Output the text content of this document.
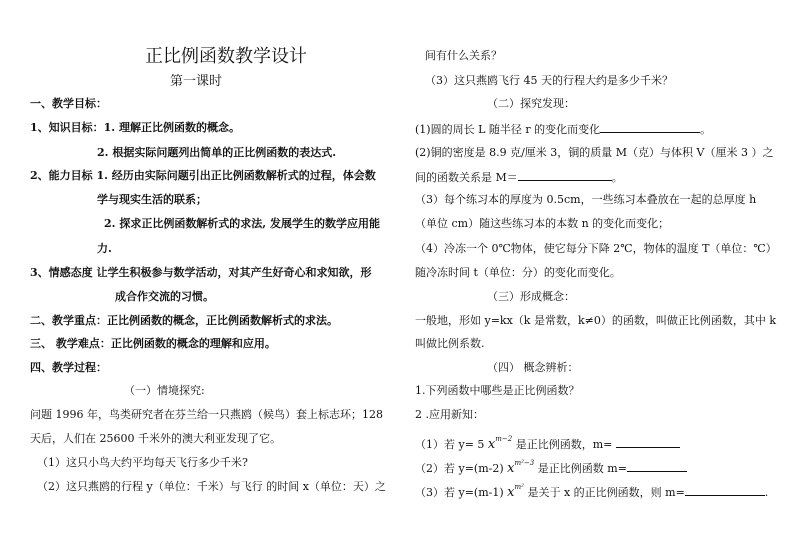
正比例函数教学设计
第一课时
一、教学目标：
1、知识目标：1. 理解正比例函数的概念。
2. 根据实际问题列出简单的正比例函数的表达式.
2、能力目标 1. 经历由实际问题引出正比例函数解析式的过程，体会数
学与现实生活的联系；
2. 探求正比例函数解析式的求法, 发展学生的数学应用能
力.
3、情感态度 让学生积极参与数学活动，对其产生好奇心和求知欲，形
成合作交流的习惯。
二、教学重点：正比例函数的概念，正比例函数解析式的求法。
三、 教学难点：正比例函数的概念的理解和应用。
四、教学过程：
（一）情境探究:
问题 1996 年，鸟类研究者在芬兰给一只燕鸥（候鸟）套上标志环；128
天后，人们在 25600 千米外的澳大利亚发现了它。
（1）这只小鸟大约平均每天飞行多少千米?
（2）这只燕鸥的行程 y（单位：千米）与飞行 的时间 x（单位：天）之
间有什么关系？
（3）这只燕鸥飞行 45 天的行程大约是多少千米？
（二）探究发现：
(1)圆的周长 L 随半径 r 的变化而变化	。
(2)铜的密度是 8.9 克/厘米 3，铜的质量 M（克）与体积 V（厘米 3 ）之
间的函数关系是 M＝	。
（3）每个练习本的厚度为 0.5cm，一些练习本叠放在一起的总厚度 h
（单位 cm）随这些练习本的本数 n 的变化而变化；
（4）冷冻一个 0℃物体，使它每分下降 2℃，物体的温度 T（单位：℃）
随冷冻时间 t（单位：分）的变化而变化。
（三）形成概念：
一般地，形如 y=kx（k 是常数，k≠0）的函数，叫做正比例函数，其中 k
叫做比例系数.
（四） 概念辨析：
1.下列函数中哪些是正比例函数？
2 .应用新知：
（1）若 y= 5 $x^{m-2}$ 是正比例函数，m=
（2）若 y=(m-2) $x^{m^2-3}$ 是正比例函数 m=
（3）若 y=(m-1) $x^{m^2}$ 是关于 x 的正比例函数，则 m=	.
